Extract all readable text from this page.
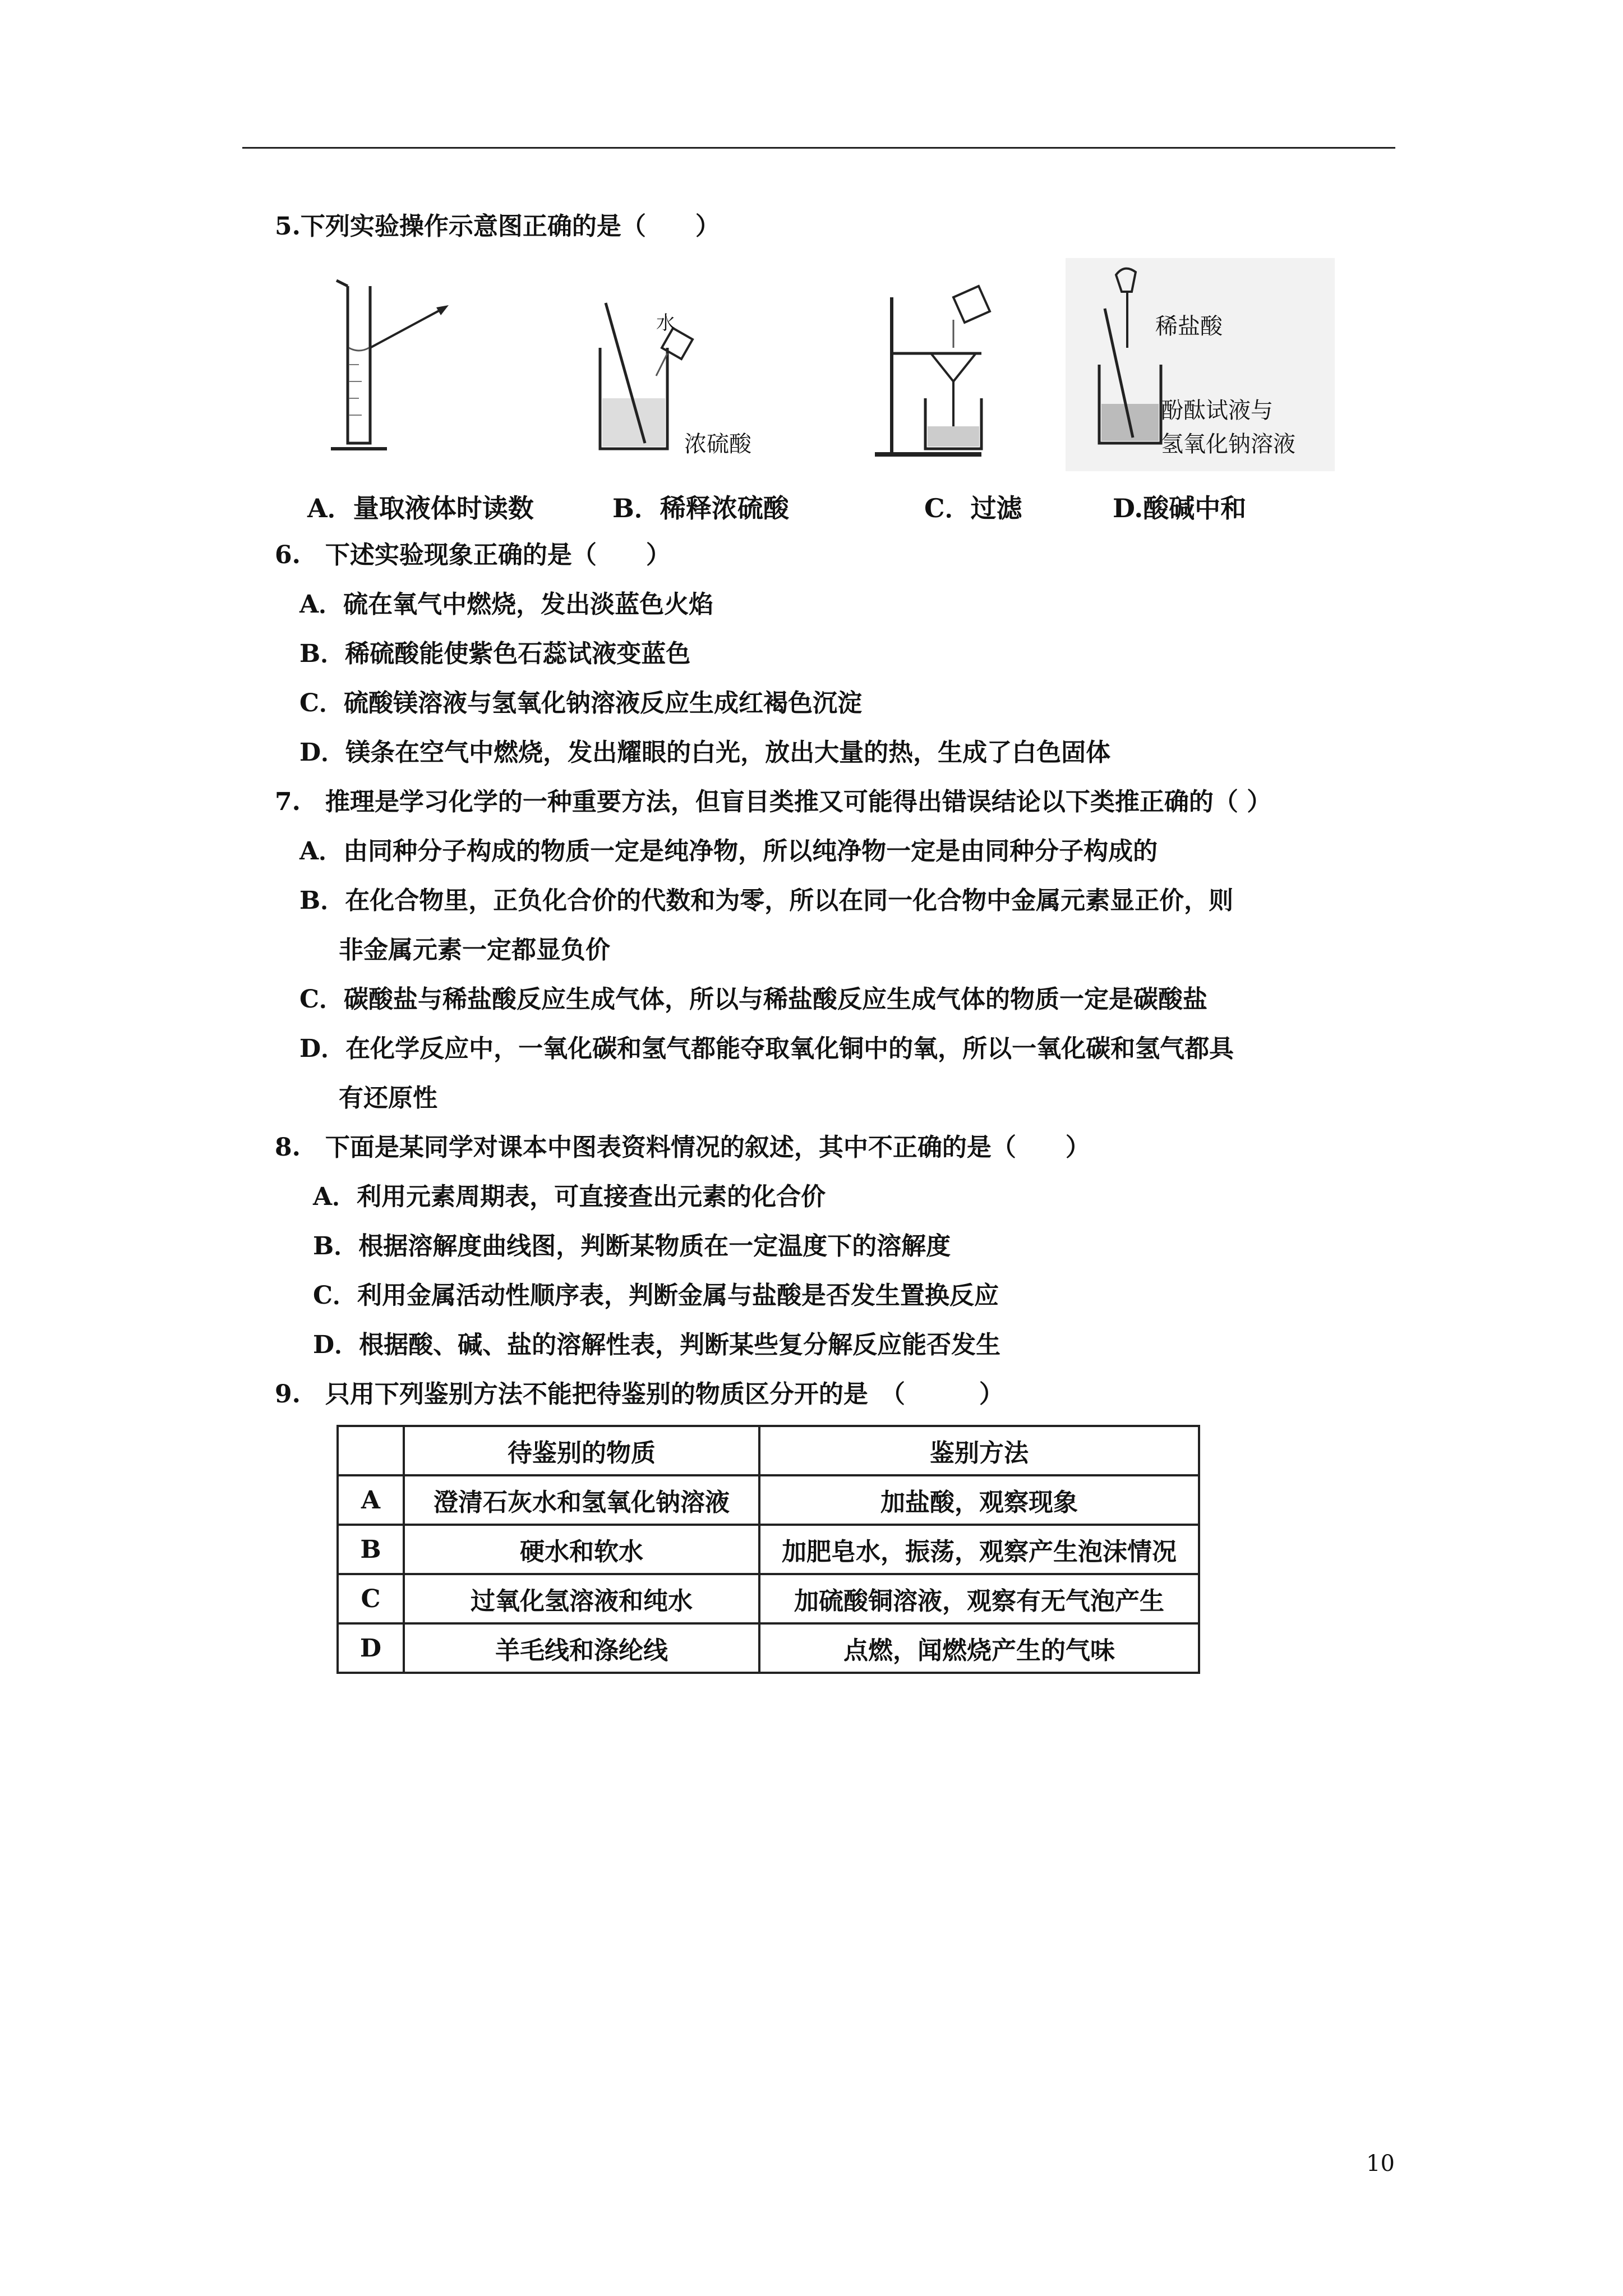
5.下列实验操作示意图正确的是（　　）
水
浓硫酸
稀盐酸
酚酞试液与
氢氧化钠溶液
A．量取液体时读数	B．稀释浓硫酸	C．过滤	D.酸碱中和
6.　下述实验现象正确的是（　　）
A．硫在氧气中燃烧，发出淡蓝色火焰
B．稀硫酸能使紫色石蕊试液变蓝色
C．硫酸镁溶液与氢氧化钠溶液反应生成红褐色沉淀
D．镁条在空气中燃烧，发出耀眼的白光，放出大量的热，生成了白色固体
7.　推理是学习化学的一种重要方法，但盲目类推又可能得出错误结论以下类推正确的（ ）
A．由同种分子构成的物质一定是纯净物，所以纯净物一定是由同种分子构成的
B．在化合物里，正负化合价的代数和为零，所以在同一化合物中金属元素显正价，则
非金属元素一定都显负价
C．碳酸盐与稀盐酸反应生成气体，所以与稀盐酸反应生成气体的物质一定是碳酸盐
D．在化学反应中，一氧化碳和氢气都能夺取氧化铜中的氧，所以一氧化碳和氢气都具
有还原性
8.　下面是某同学对课本中图表资料情况的叙述，其中不正确的是（　　）
A．利用元素周期表，可直接查出元素的化合价
B．根据溶解度曲线图，判断某物质在一定温度下的溶解度
C．利用金属活动性顺序表，判断金属与盐酸是否发生置换反应
D．根据酸、碱、盐的溶解性表，判断某些复分解反应能否发生
9.　只用下列鉴别方法不能把待鉴别的物质区分开的是　（　　　）
	待鉴别的物质	鉴别方法
A	澄清石灰水和氢氧化钠溶液	加盐酸，观察现象
B	硬水和软水	加肥皂水，振荡，观察产生泡沫情况
C	过氧化氢溶液和纯水	加硫酸铜溶液，观察有无气泡产生
D	羊毛线和涤纶线	点燃，闻燃烧产生的气味
10
